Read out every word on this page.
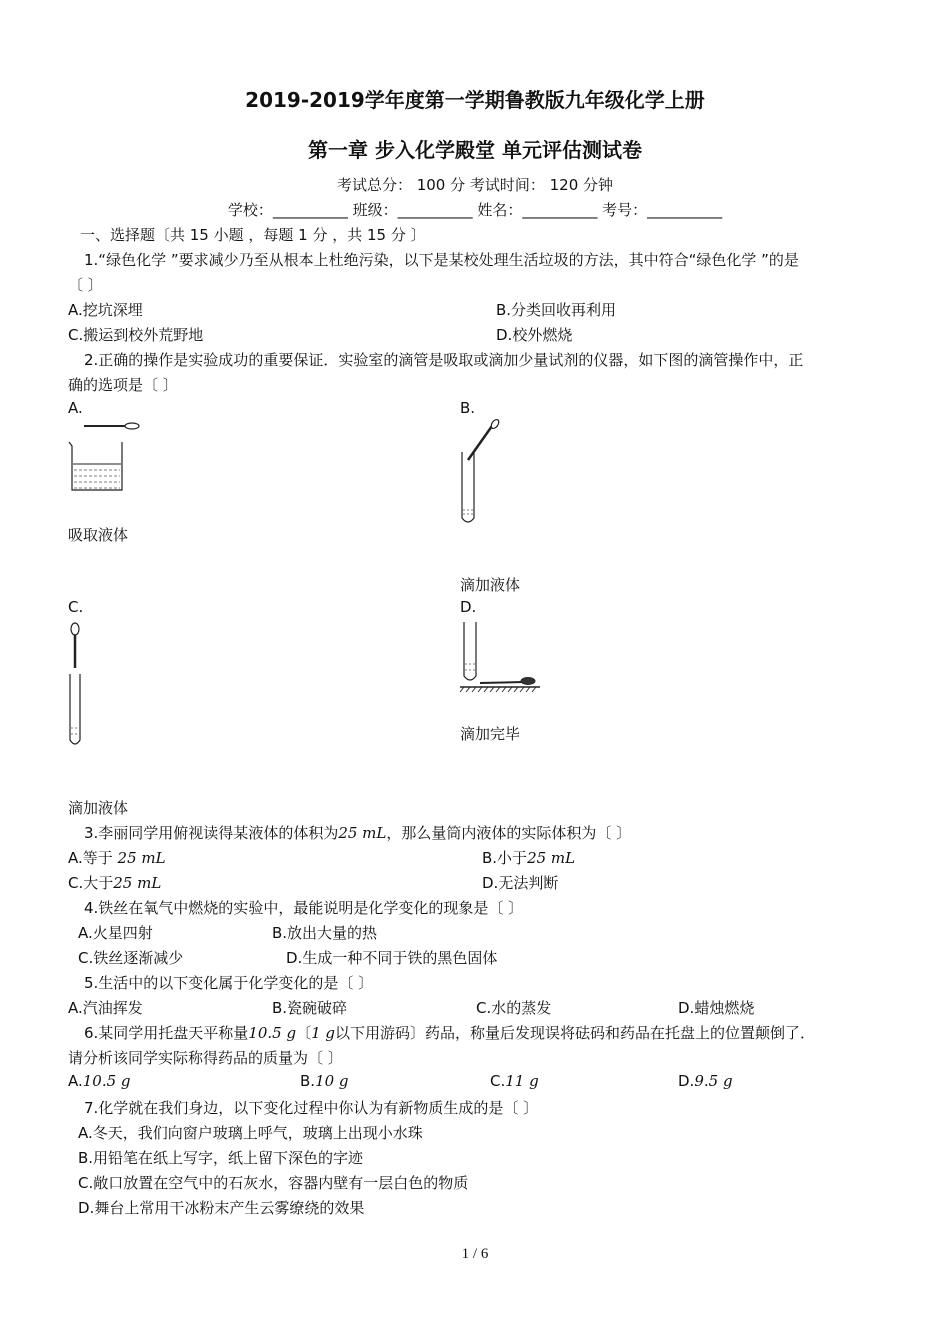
2019-2019学年度第一学期鲁教版九年级化学上册
第一章 步入化学殿堂 单元评估测试卷
考试总分： 100 分 考试时间： 120 分钟
学校：__________ 班级：__________ 姓名：__________ 考号：__________
一、选择题〔共 15 小题 ，每题 1 分 ，共 15 分 〕
1.“绿色化学 ”要求减少乃至从根本上杜绝污染，以下是某校处理生活垃圾的方法，其中符合“绿色化学 ”的是
〔 〕
A.挖坑深埋	B.分类回收再利用
C.搬运到校外荒野地	D.校外燃烧
2.正确的操作是实验成功的重要保证．实验室的滴管是吸取或滴加少量试剂的仪器，如下图的滴管操作中，正
确的选项是〔 〕
A.	B.
吸取液体
滴加液体
C.	D.
滴加完毕
滴加液体
3.李丽同学用俯视读得某液体的体积为25 mL，那么量筒内液体的实际体积为〔 〕
A.等于 25 mL	B.小于25 mL
C.大于25 mL	D.无法判断
4.铁丝在氧气中燃烧的实验中，最能说明是化学变化的现象是〔 〕
A.火星四射	B.放出大量的热
C.铁丝逐渐减少	D.生成一种不同于铁的黑色固体
5.生活中的以下变化属于化学变化的是〔 〕
A.汽油挥发	B.瓷碗破碎	C.水的蒸发	D.蜡烛燃烧
6.某同学用托盘天平称量10.5 g〔1 g以下用游码〕药品，称量后发现误将砝码和药品在托盘上的位置颠倒了．
请分析该同学实际称得药品的质量为〔 〕
A.10.5 g	B.10 g	C.11 g	D.9.5 g
7.化学就在我们身边，以下变化过程中你认为有新物质生成的是〔 〕
A.冬天，我们向窗户玻璃上呼气，玻璃上出现小水珠
B.用铅笔在纸上写字，纸上留下深色的字迹
C.敞口放置在空气中的石灰水，容器内壁有一层白色的物质
D.舞台上常用干冰粉末产生云雾缭绕的效果
1 / 6
